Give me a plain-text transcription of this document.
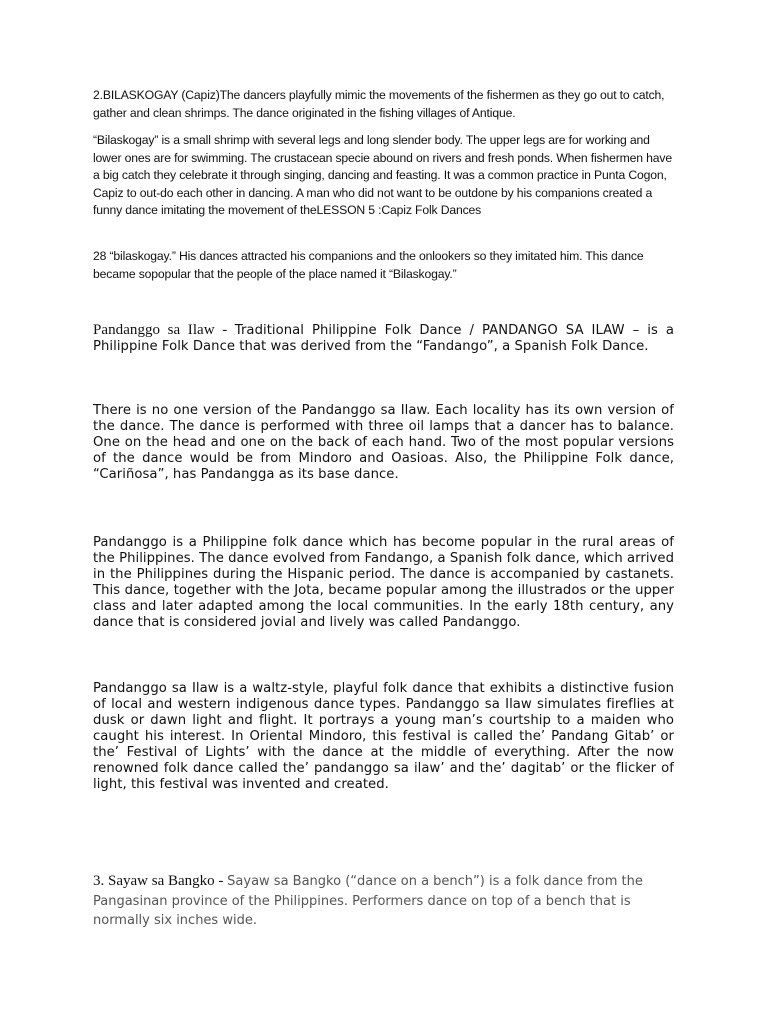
2.BILASKOGAY (Capiz)The dancers playfully mimic the movements of the fishermen as they go out to catch, gather and clean shrimps. The dance originated in the fishing villages of Antique.

“Bilaskogay” is a small shrimp with several legs and long slender body. The upper legs are for working and lower ones are for swimming. The crustacean specie abound on rivers and fresh ponds. When fishermen have a big catch they celebrate it through singing, dancing and feasting. It was a common practice in Punta Cogon, Capiz to out-do each other in dancing. A man who did not want to be outdone by his companions created a funny dance imitating the movement of theLESSON 5 :Capiz Folk Dances

28 “bilaskogay.” His dances attracted his companions and the onlookers so they imitated him. This dance became sopopular that the people of the place named it “Bilaskogay.”

Pandanggo sa Ilaw - Traditional Philippine Folk Dance / PANDANGO SA ILAW – is a Philippine Folk Dance that was derived from the “Fandango”, a Spanish Folk Dance.

There is no one version of the Pandanggo sa Ilaw. Each locality has its own version of the dance. The dance is performed with three oil lamps that a dancer has to balance. One on the head and one on the back of each hand. Two of the most popular versions of the dance would be from Mindoro and Oasioas. Also, the Philippine Folk dance, “Cariñosa”, has Pandangga as its base dance.

Pandanggo is a Philippine folk dance which has become popular in the rural areas of the Philippines. The dance evolved from Fandango, a Spanish folk dance, which arrived in the Philippines during the Hispanic period. The dance is accompanied by castanets. This dance, together with the Jota, became popular among the illustrados or the upper class and later adapted among the local communities. In the early 18th century, any dance that is considered jovial and lively was called Pandanggo.

Pandanggo sa Ilaw is a waltz-style, playful folk dance that exhibits a distinctive fusion of local and western indigenous dance types. Pandanggo sa Ilaw simulates fireflies at dusk or dawn light and flight. It portrays a young man’s courtship to a maiden who caught his interest. In Oriental Mindoro, this festival is called the’ Pandang Gitab’ or the’ Festival of Lights’ with the dance at the middle of everything. After the now renowned folk dance called the’ pandanggo sa ilaw’ and the’ dagitab’ or the flicker of light, this festival was invented and created.

3. Sayaw sa Bangko - Sayaw sa Bangko (“dance on a bench”) is a folk dance from the Pangasinan province of the Philippines. Performers dance on top of a bench that is normally six inches wide.
